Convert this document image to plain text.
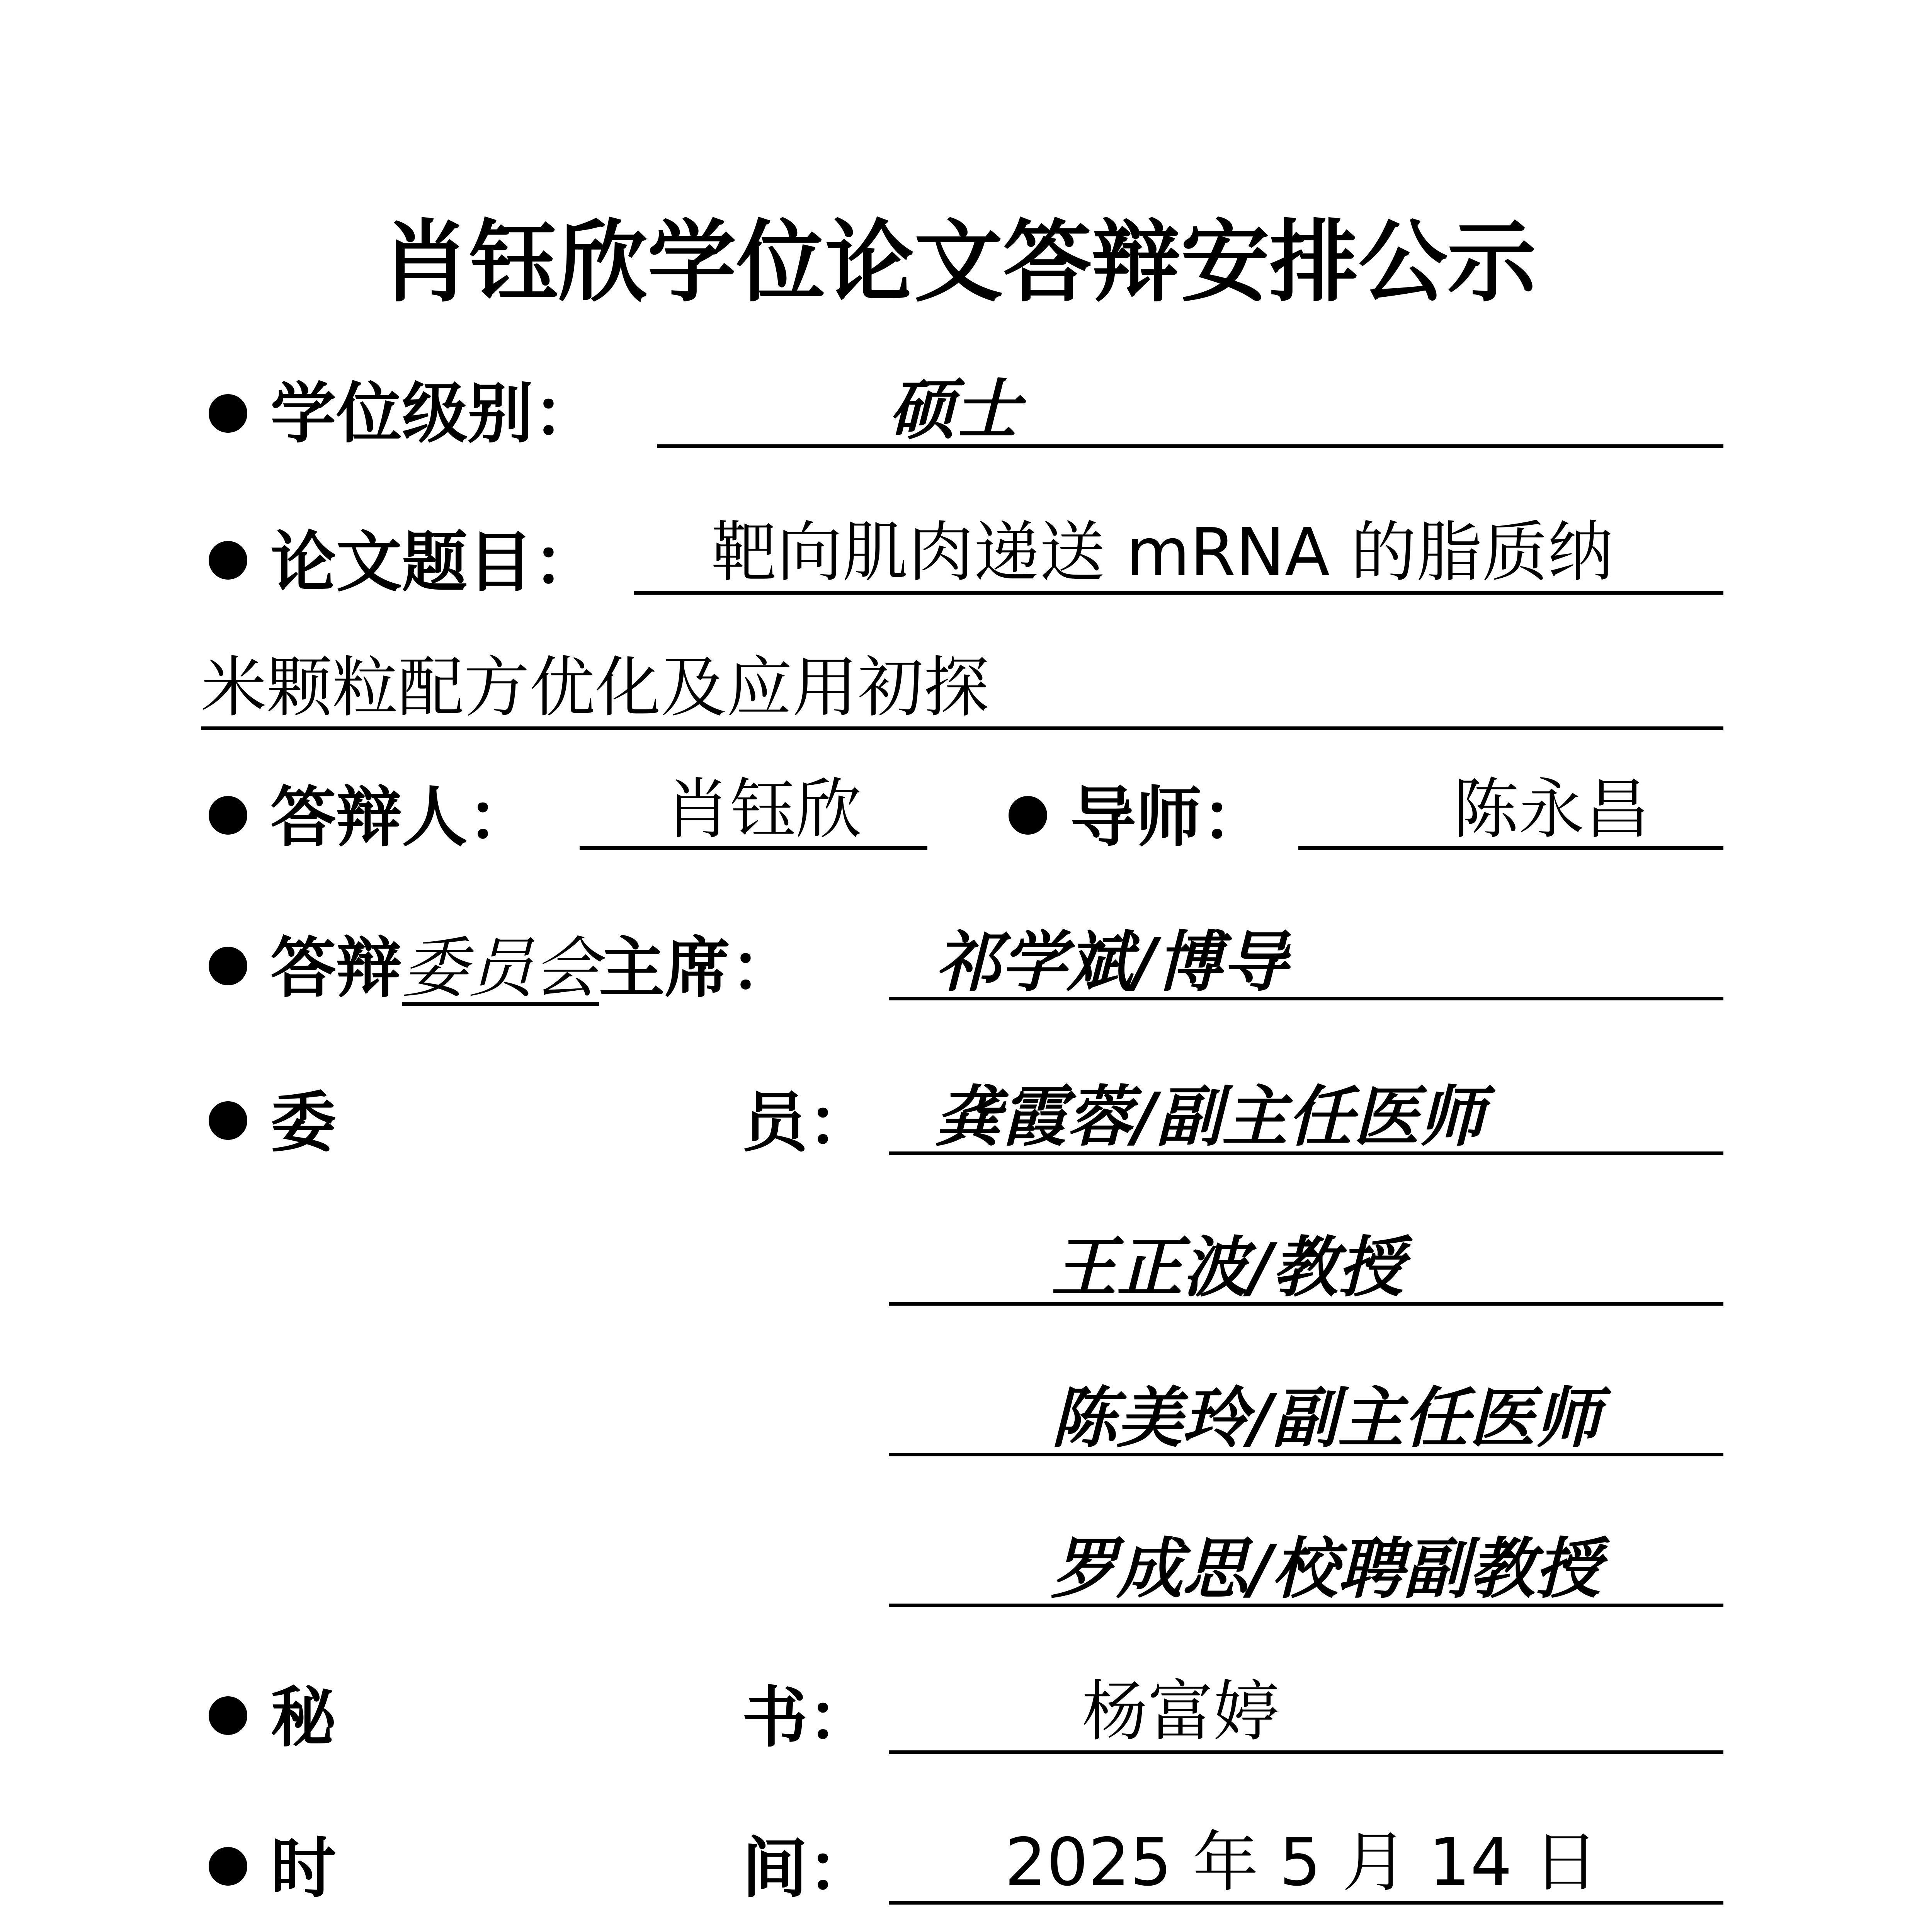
肖钰欣学位论文答辩安排公示
学位级别：	硕士
论文题目： 靶向肌肉递送 mRNA 的脂质纳
米颗粒配方优化及应用初探
答辩人： 肖钰欣	导师：	陈永昌
答辩委员会主席： 祁学斌/博导
委	员： 龚霞蓉/副主任医师
王正波/教授
陈美玲/副主任医师
罗成思/校聘副教授
秘	书：	杨富婷
时	间： 2025 年 5 月 14 日
